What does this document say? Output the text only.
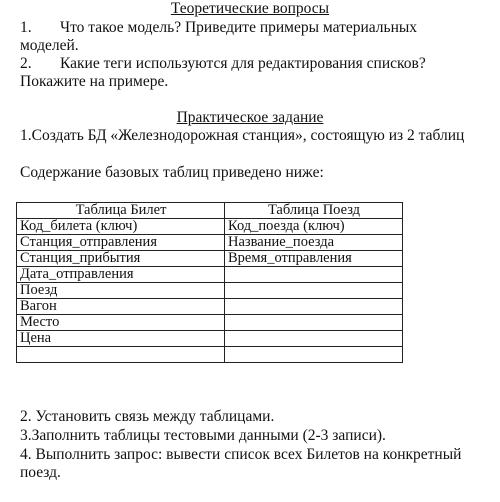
Теоретические вопросы
1. Что такое модель? Приведите примеры материальных
моделей.
2. Какие теги используются для редактирования списков?
Покажите на примере.
Практическое задание
1.Создать БД «Железнодорожная станция», состоящую из 2 таблиц
Содержание базовых таблиц приведено ниже:
Таблица Билет	Таблица Поезд
Код_билета (ключ)	Код_поезда (ключ)
Станция_отправления	Название_поезда
Станция_прибытия	Время_отправления
Дата_отправления	
Поезд	
Вагон	
Место	
Цена	

2. Установить связь между таблицами.
3.Заполнить таблицы тестовыми данными (2-3 записи).
4. Выполнить запрос: вывести список всех Билетов на конкретный
поезд.
